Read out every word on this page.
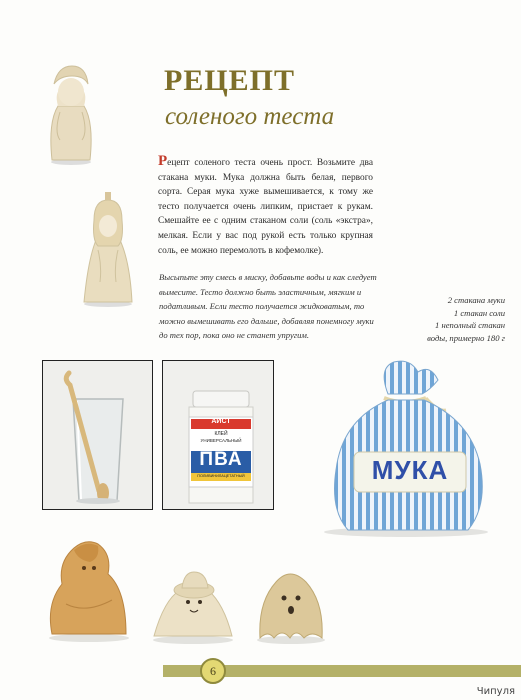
РЕЦЕПТ
соленого теста

Рецепт соленого теста очень прост. Возьмите два стакана муки. Мука должна быть белая, первого сорта. Серая мука хуже вымешивается, к тому же тесто получается очень липким, пристает к рукам. Смешайте ее с одним стаканом соли (соль «экстра», мелкая. Если у вас под рукой есть только крупная соль, ее можно перемолоть в кофемолке).

Высыпьте эту смесь в миску, добавьте воды и как следует вымесите. Тесто должно быть эластичным, мягким и податливым. Если тесто получается жидковатым, то можно вымешивать его дальше, добавляя понемногу муки до тех пор, пока оно не станет упругим.

2 стакана муки
1 стакан соли
1 неполный стакан
воды, примерно 180 г
АИСТ
КЛЕЙ
УНИВЕРСАЛЬНЫЙ
ПВА
ПОЛИВИНИЛАЦЕТАТНЫЙ	МУКА
6
Чипуля
